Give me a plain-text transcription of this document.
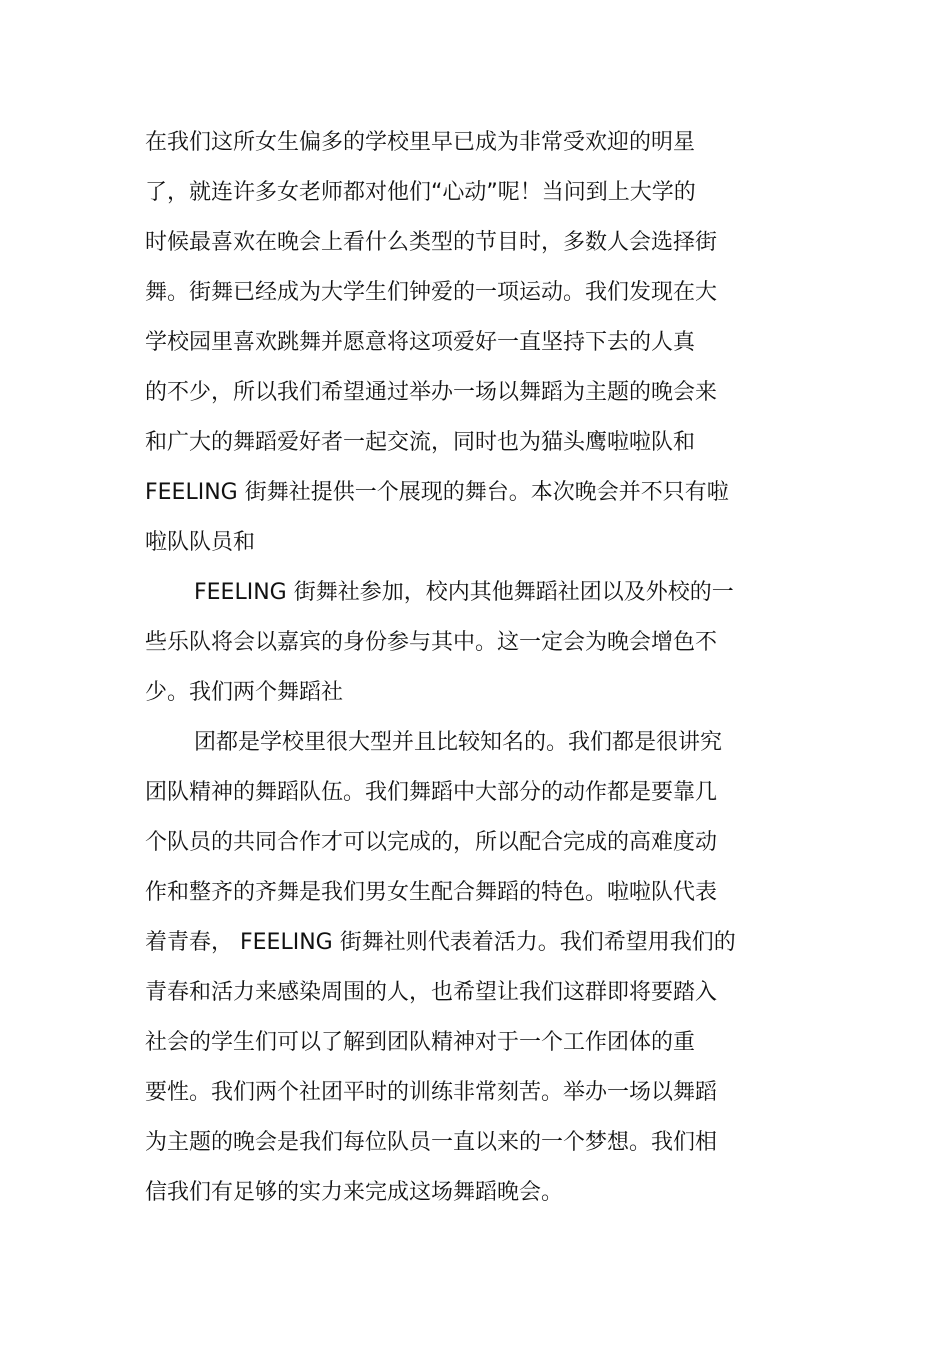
在我们这所女生偏多的学校里早已成为非常受欢迎的明星
了，就连许多女老师都对他们“心动”呢！当问到上大学的
时候最喜欢在晚会上看什么类型的节目时，多数人会选择街
舞。街舞已经成为大学生们钟爱的一项运动。我们发现在大
学校园里喜欢跳舞并愿意将这项爱好一直坚持下去的人真
的不少，所以我们希望通过举办一场以舞蹈为主题的晚会来
和广大的舞蹈爱好者一起交流，同时也为猫头鹰啦啦队和
FEELING 街舞社提供一个展现的舞台。本次晚会并不只有啦
啦队队员和
FEELING 街舞社参加，校内其他舞蹈社团以及外校的一
些乐队将会以嘉宾的身份参与其中。这一定会为晚会增色不
少。我们两个舞蹈社
团都是学校里很大型并且比较知名的。我们都是很讲究
团队精神的舞蹈队伍。我们舞蹈中大部分的动作都是要靠几
个队员的共同合作才可以完成的，所以配合完成的高难度动
作和整齐的齐舞是我们男女生配合舞蹈的特色。啦啦队代表
着青春， FEELING 街舞社则代表着活力。我们希望用我们的
青春和活力来感染周围的人，也希望让我们这群即将要踏入
社会的学生们可以了解到团队精神对于一个工作团体的重
要性。我们两个社团平时的训练非常刻苦。举办一场以舞蹈
为主题的晚会是我们每位队员一直以来的一个梦想。我们相
信我们有足够的实力来完成这场舞蹈晚会。
